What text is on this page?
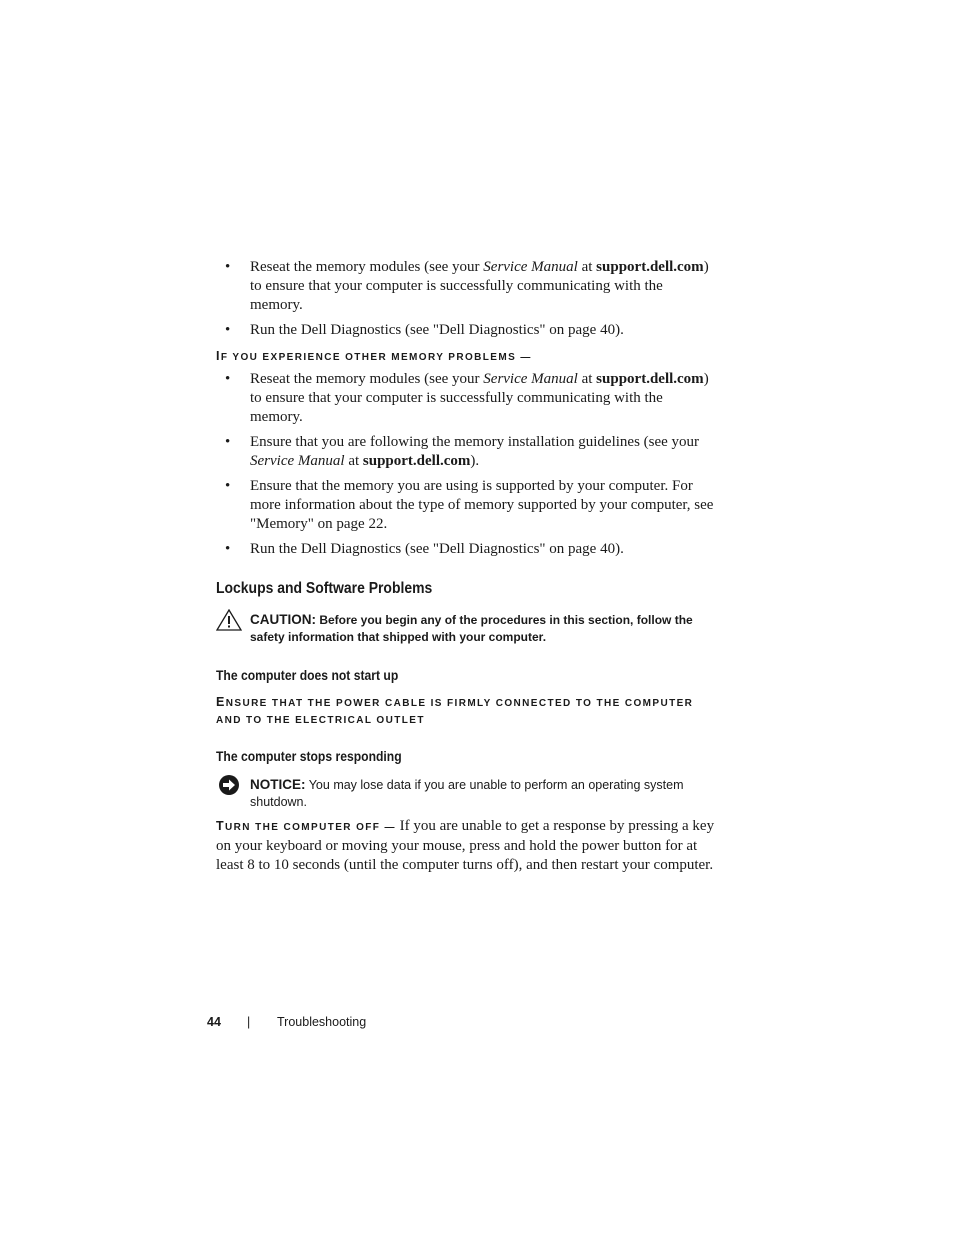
• Reseat the memory modules (see your Service Manual at support.dell.com) to ensure that your computer is successfully communicating with the memory.
• Run the Dell Diagnostics (see "Dell Diagnostics" on page 40).

IF YOU EXPERIENCE OTHER MEMORY PROBLEMS —

• Reseat the memory modules (see your Service Manual at support.dell.com) to ensure that your computer is successfully communicating with the memory.
• Ensure that you are following the memory installation guidelines (see your Service Manual at support.dell.com).
• Ensure that the memory you are using is supported by your computer. For more information about the type of memory supported by your computer, see "Memory" on page 22.
• Run the Dell Diagnostics (see "Dell Diagnostics" on page 40).
Lockups and Software Problems
CAUTION: Before you begin any of the procedures in this section, follow the safety information that shipped with your computer.
The computer does not start up

ENSURE THAT THE POWER CABLE IS FIRMLY CONNECTED TO THE COMPUTER AND TO THE ELECTRICAL OUTLET

The computer stops responding
NOTICE: You may lose data if you are unable to perform an operating system shutdown.

TURN THE COMPUTER OFF — If you are unable to get a response by pressing a key on your keyboard or moving your mouse, press and hold the power button for at least 8 to 10 seconds (until the computer turns off), and then restart your computer.

44	|	Troubleshooting
